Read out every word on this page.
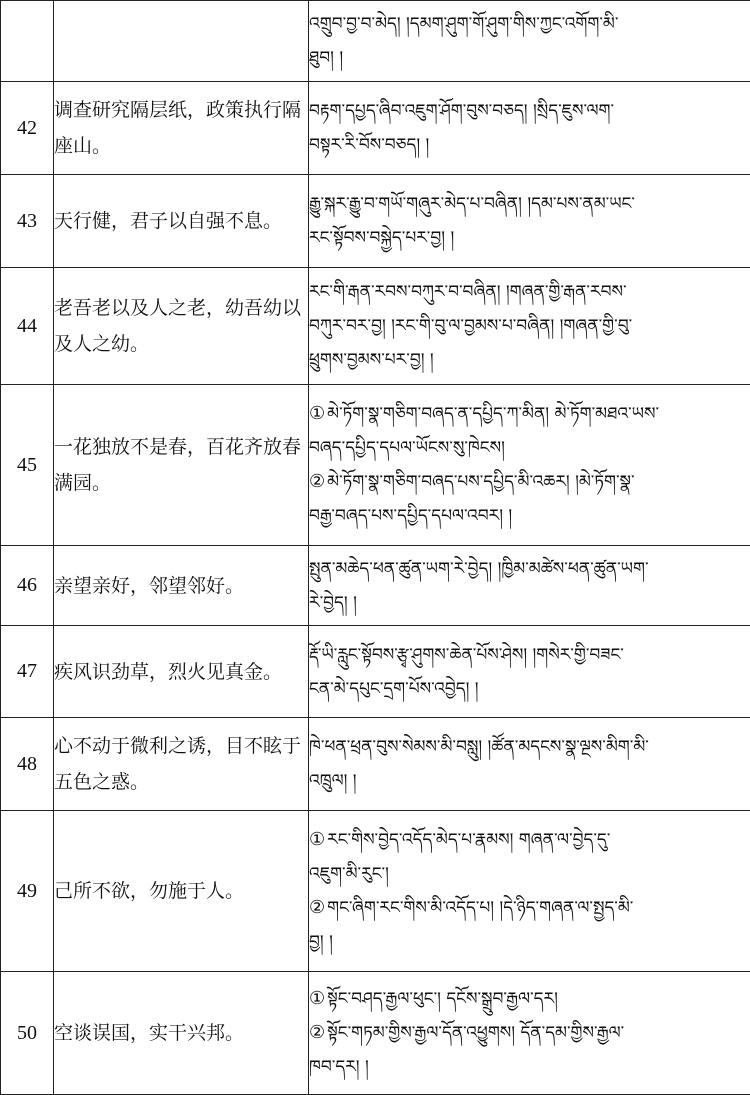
		འགྲུབ་བྱ་བ་མེད། །དམག་ཤུག་གོ་ཤུག་གིས་ཀྱང་འགོག་མི་
ཐུབ། །

42	调查研究隔层纸，政策执行隔座山。	བརྟག་དཔྱད་ཞིབ་འཇུག་ཤོག་བུས་བཅད། །སྲིད་ཇུས་ལག་
བསྟར་རི་བོས་བཅད། །

43	天行健，君子以自强不息。	རྒྱུ་སྐར་རྒྱུ་བ་གཡོ་གཞུར་མེད་པ་བཞིན། །དམ་པས་ནམ་ཡང་
རང་སྟོབས་བསྐྱེད་པར་བྱ། །

44	老吾老以及人之老，幼吾幼以及人之幼。	རང་གི་རྒན་རབས་བཀུར་བ་བཞིན། །གཞན་གྱི་རྒན་རབས་
བཀུར་བར་བྱ། །རང་གི་བུ་ལ་བྱམས་པ་བཞིན། །གཞན་གྱི་བུ་
ཕྲུགས་བྱམས་པར་བྱ། །

45	一花独放不是春，百花齐放春满园。	① མེ་ཏོག་སྣ་གཅིག་བཞད་ན་དཔྱིད་ཀ་མིན། མེ་ཏོག་མཐའ་ཡས་
བཞད་དཔྱིད་དཔལ་ཡོངས་སུ་ཁེངས།
② མེ་ཏོག་སྣ་གཅིག་བཞད་པས་དཔྱིད་མི་འཆར། །མེ་ཏོག་སྣ་
བརྒྱ་བཞད་པས་དཔྱིད་དཔལ་འབར། །

46	亲望亲好，邻望邻好。	སྤུན་མཆེད་ཕན་ཚུན་ཡག་རེ་བྱེད། །ཁྱིམ་མཚེས་ཕན་ཚུན་ཡག་
རེ་བྱེད། །

47	疾风识劲草，烈火见真金。	རྡོ་ཡི་རླུང་སྟོབས་རྩྭ་ཤུགས་ཆེན་པོས་ཤེས། །གསེར་གྱི་བཟང་
ངན་མེ་དཔུང་དྲག་པོས་འབྱེད། །

48	心不动于微利之诱，目不眩于五色之惑。	ཁེ་ཕན་ཕྲན་བུས་སེམས་མི་བསླུ། །ཚོན་མདངས་སྣ་ལྔས་མིག་མི་
འཁྲུལ། །

49	己所不欲，勿施于人。	① རང་གིས་བྱེད་འདོད་མེད་པ་རྣམས། གཞན་ལ་བྱེད་དུ་
འཇུག་མི་རུང་།
② གང་ཞིག་རང་གིས་མི་འདོད་པ། །དེ་ཉིད་གཞན་ལ་སྤྱད་མི་
བྱ། །

50	空谈误国，实干兴邦。	① སྟོང་བཤད་རྒྱལ་ཕུང་། དངོས་སྒྲུབ་རྒྱལ་དར།
② སྟོང་གཏམ་གྱིས་རྒྱལ་དོན་འཕྱུགས། དོན་དམ་གྱིས་རྒྱལ་
ཁབ་དར། །
